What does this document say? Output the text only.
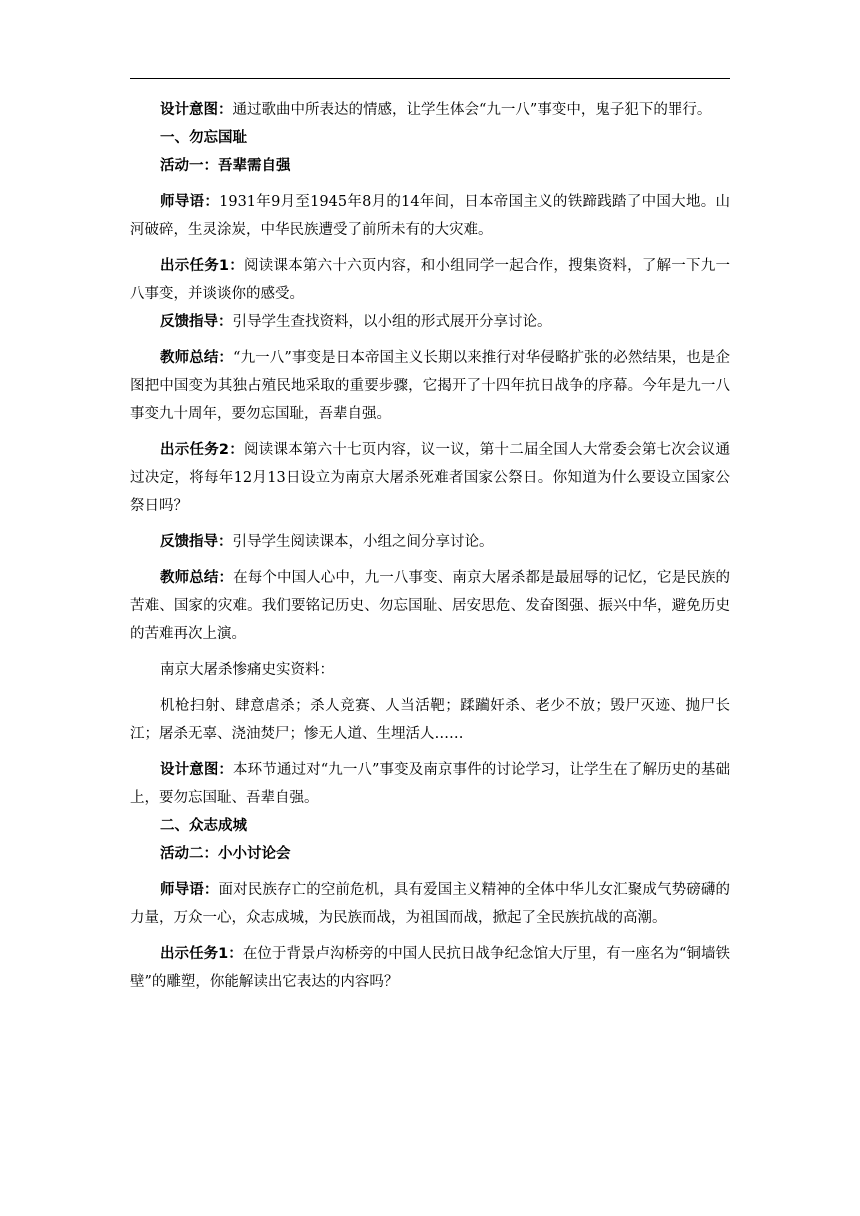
设计意图：通过歌曲中所表达的情感，让学生体会“九一八”事变中，鬼子犯下的罪行。

一、勿忘国耻

活动一：吾辈需自强

师导语：1931年9月至1945年8月的14年间，日本帝国主义的铁蹄践踏了中国大地。山河破碎，生灵涂炭，中华民族遭受了前所未有的大灾难。

出示任务1：阅读课本第六十六页内容，和小组同学一起合作，搜集资料，了解一下九一八事变，并谈谈你的感受。

反馈指导：引导学生查找资料，以小组的形式展开分享讨论。

教师总结：“九一八”事变是日本帝国主义长期以来推行对华侵略扩张的必然结果，也是企图把中国变为其独占殖民地采取的重要步骤，它揭开了十四年抗日战争的序幕。今年是九一八事变九十周年，要勿忘国耻，吾辈自强。

出示任务2：阅读课本第六十七页内容，议一议，第十二届全国人大常委会第七次会议通过决定，将每年12月13日设立为南京大屠杀死难者国家公祭日。你知道为什么要设立国家公祭日吗？

反馈指导：引导学生阅读课本，小组之间分享讨论。

教师总结：在每个中国人心中，九一八事变、南京大屠杀都是最屈辱的记忆，它是民族的苦难、国家的灾难。我们要铭记历史、勿忘国耻、居安思危、发奋图强、振兴中华，避免历史的苦难再次上演。

南京大屠杀惨痛史实资料：

机枪扫射、肆意虐杀；杀人竞赛、人当活靶；蹂躏奸杀、老少不放；毁尸灭迹、抛尸长江；屠杀无辜、浇油焚尸；惨无人道、生埋活人……

设计意图：本环节通过对“九一八”事变及南京事件的讨论学习，让学生在了解历史的基础上，要勿忘国耻、吾辈自强。

二、众志成城

活动二：小小讨论会

师导语：面对民族存亡的空前危机，具有爱国主义精神的全体中华儿女汇聚成气势磅礴的力量，万众一心，众志成城，为民族而战，为祖国而战，掀起了全民族抗战的高潮。

出示任务1：在位于背景卢沟桥旁的中国人民抗日战争纪念馆大厅里，有一座名为“铜墙铁壁”的雕塑，你能解读出它表达的内容吗？
